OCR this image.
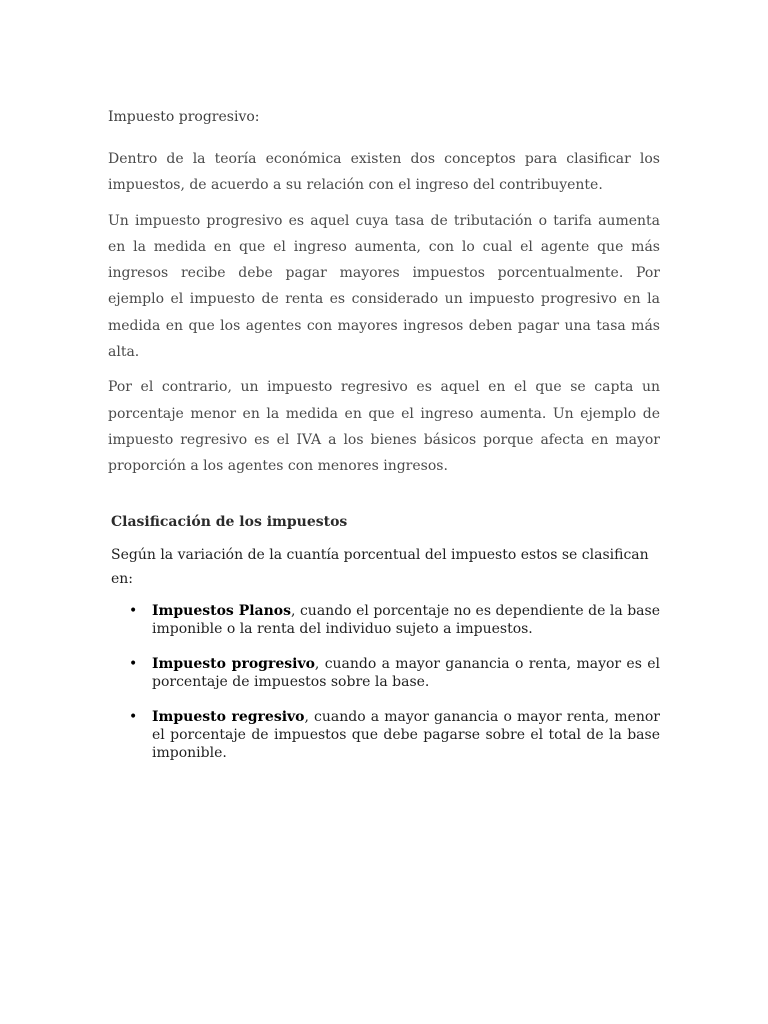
Impuesto progresivo:

Dentro de la teoría económica existen dos conceptos para clasificar los impuestos, de acuerdo a su relación con el ingreso del contribuyente.

Un impuesto progresivo es aquel cuya tasa de tributación o tarifa aumenta en la medida en que el ingreso aumenta, con lo cual el agente que más ingresos recibe debe pagar mayores impuestos porcentualmente. Por ejemplo el impuesto de renta es considerado un impuesto progresivo en la medida en que los agentes con mayores ingresos deben pagar una tasa más alta.

Por el contrario, un impuesto regresivo es aquel en el que se capta un porcentaje menor en la medida en que el ingreso aumenta. Un ejemplo de impuesto regresivo es el IVA a los bienes básicos porque afecta en mayor proporción a los agentes con menores ingresos.

Clasificación de los impuestos

Según la variación de la cuantía porcentual del impuesto estos se clasifican en:

• Impuestos Planos, cuando el porcentaje no es dependiente de la base imponible o la renta del individuo sujeto a impuestos.
• Impuesto progresivo, cuando a mayor ganancia o renta, mayor es el porcentaje de impuestos sobre la base.
• Impuesto regresivo, cuando a mayor ganancia o mayor renta, menor el porcentaje de impuestos que debe pagarse sobre el total de la base imponible.
